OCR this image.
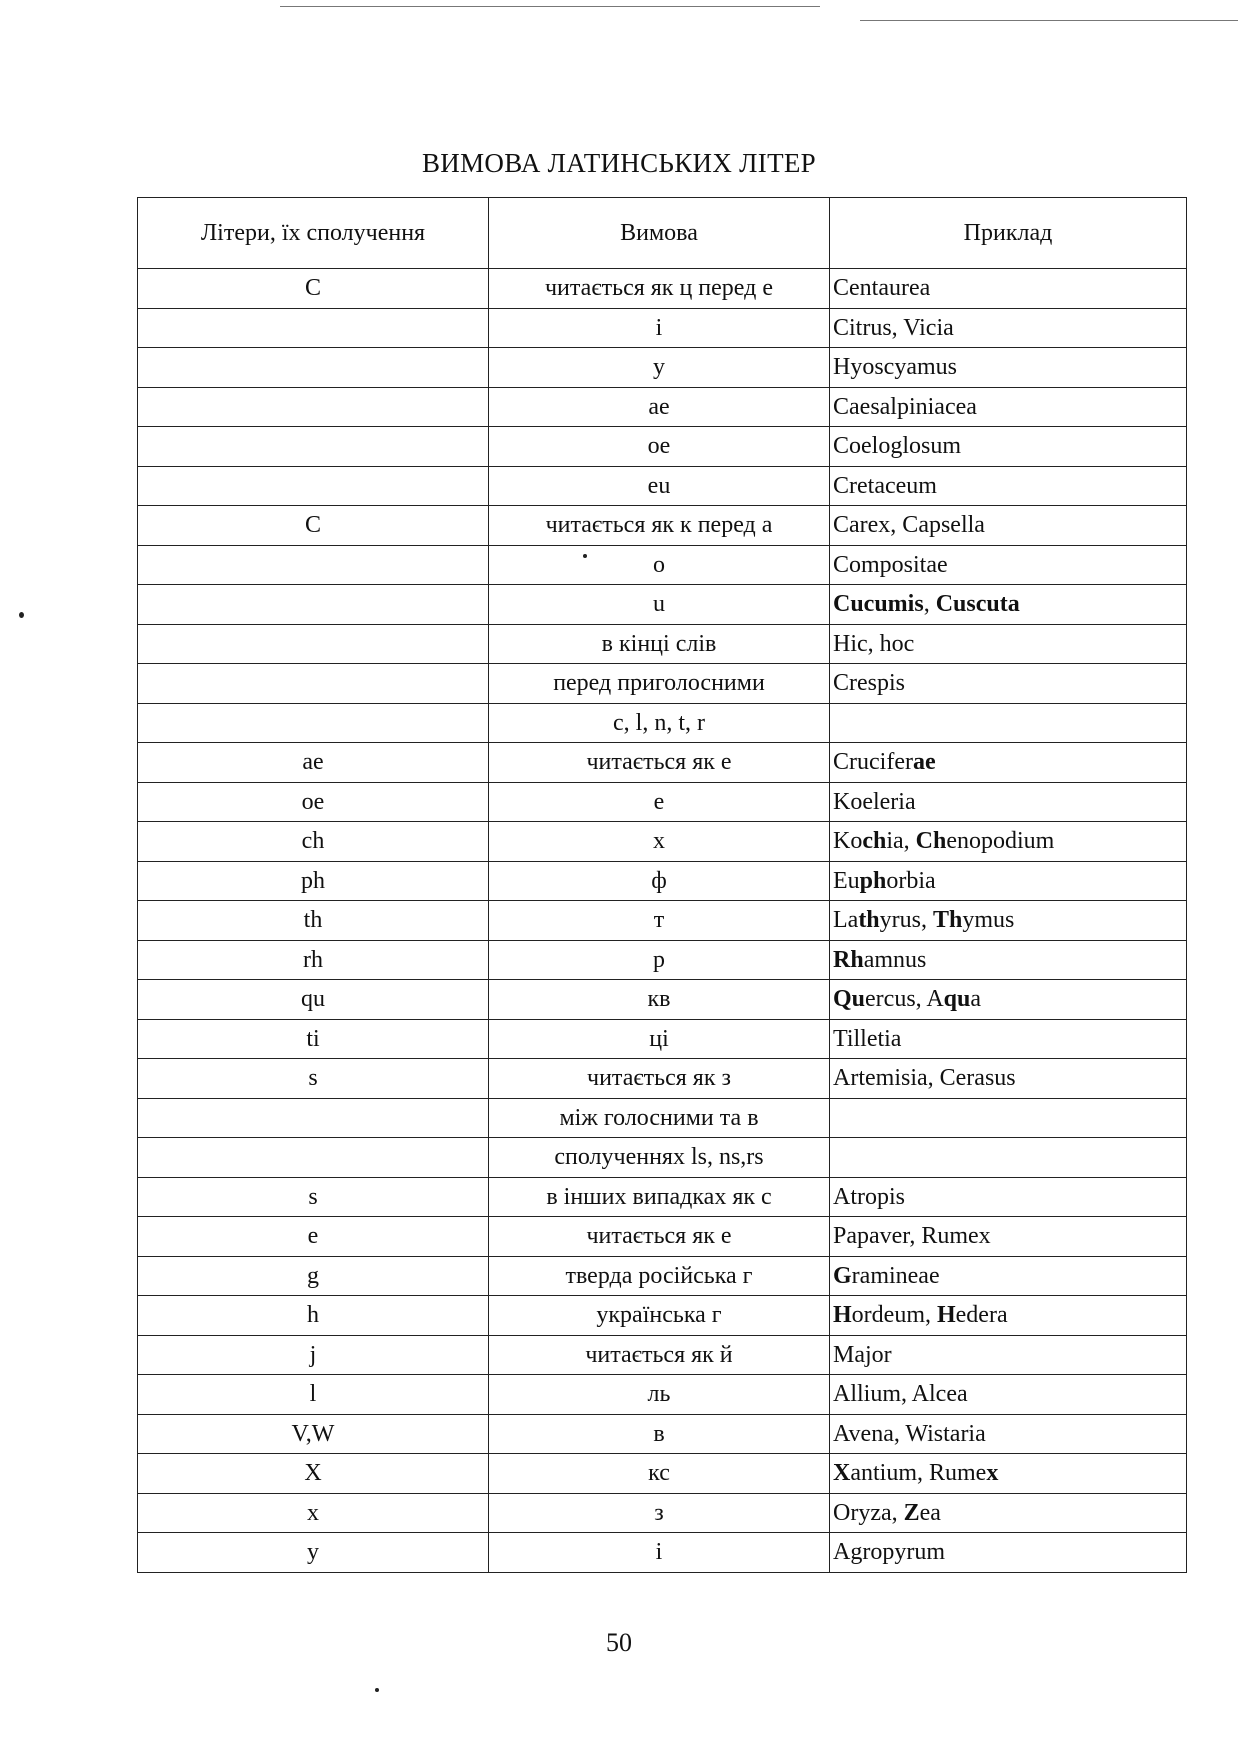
ВИМОВА ЛАТИНСЬКИХ ЛІТЕР
Літери, їх сполучення	Вимова	Приклад
C	читається як ц перед е	Centaurea
	i	Citrus, Vicia
	y	Hyoscyamus
	ae	Caesalpiniacea
	oe	Coeloglosum
	eu	Cretaceum
C	читається як к перед а	Carex, Capsella
	o	Compositae
	u	Cucumis, Cuscuta
	в кінці слів	Hic, hoc
	перед приголосними	Crespis
	c, l, n, t, r	
ae	читається як е	Cruciferae
oe	е	Koeleria
ch	х	Kochia, Chenopodium
ph	ф	Euphorbia
th	т	Lathyrus, Thymus
rh	р	Rhamnus
qu	кв	Quercus, Aqua
ti	ці	Tilletia
s	читається як з	Artemisia, Cerasus
	між голосними та в	
	сполученнях ls, ns,rs	
s	в інших випадках як с	Atropis
e	читається як е	Papaver, Rumex
g	тверда російська г	Gramineae
h	українська г	Hordeum, Hedera
j	читається як й	Major
l	ль	Allium, Alcea
V,W	в	Avena, Wistaria
X	кс	Xantium, Rumex
x	з	Oryza, Zea
y	і	Agropyrum
50
